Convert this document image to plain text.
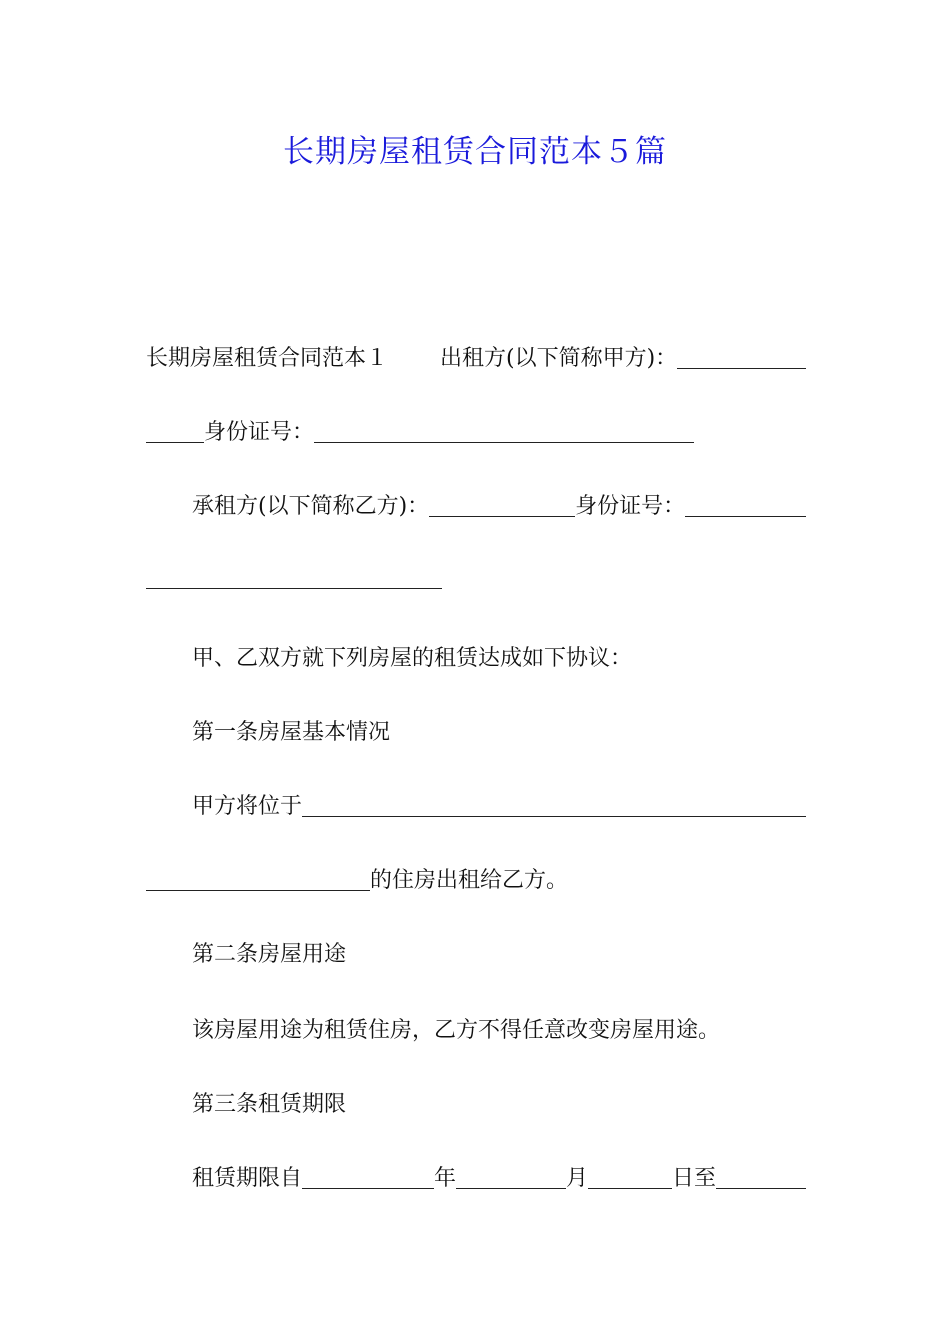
长期房屋租赁合同范本５篇
长期房屋租赁合同范本１ 出租方(以下简称甲方)：
身份证号：
承租方(以下简称乙方)：	身份证号：
甲、乙双方就下列房屋的租赁达成如下协议：
第一条房屋基本情况
甲方将位于
的住房出租给乙方。
第二条房屋用途
该房屋用途为租赁住房，乙方不得任意改变房屋用途。
第三条租赁期限
租赁期限自	年	月	日至
